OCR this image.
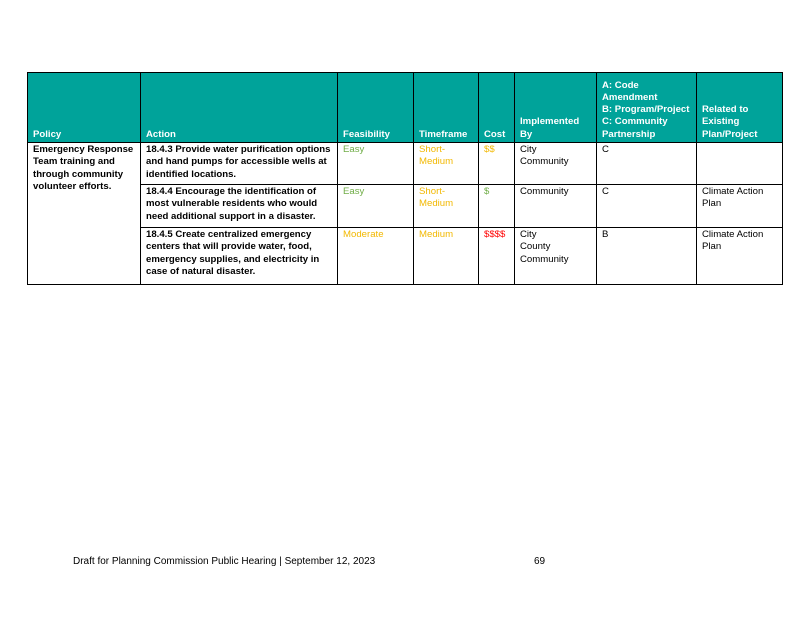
Policy	Action	Feasibility	Timeframe	Cost	Implemented By	A: Code Amendment
B: Program/Project
C: Community Partnership	Related to Existing Plan/Project
Emergency Response Team training and through community volunteer efforts.	18.4.3 Provide water purification options and hand pumps for accessible wells at identified locations.	Easy	Short-Medium	$$	City
Community	C	
	18.4.4 Encourage the identification of most vulnerable residents who would need additional support in a disaster.	Easy	Short-Medium	$	Community	C	Climate Action Plan
	18.4.5 Create centralized emergency centers that will provide water, food, emergency supplies, and electricity in case of natural disaster.	Moderate	Medium	$$$$	City
County
Community	B	Climate Action Plan
Draft for Planning Commission Public Hearing | September 12, 2023	69
